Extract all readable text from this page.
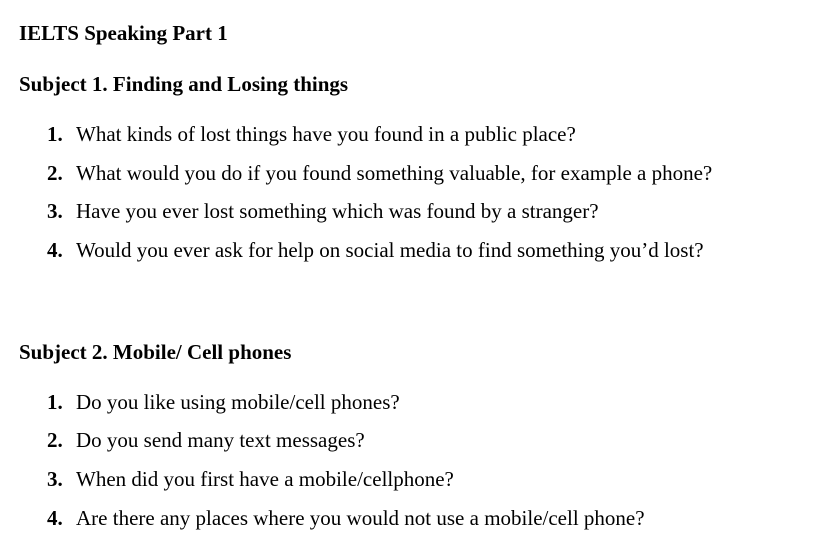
IELTS Speaking Part 1
Subject 1. Finding and Losing things
1. What kinds of lost things have you found in a public place?
2. What would you do if you found something valuable, for example a phone?
3. Have you ever lost something which was found by a stranger?
4. Would you ever ask for help on social media to find something you’d lost?
Subject 2. Mobile/ Cell phones
1. Do you like using mobile/cell phones?
2. Do you send many text messages?
3. When did you first have a mobile/cellphone?
4. Are there any places where you would not use a mobile/cell phone?
